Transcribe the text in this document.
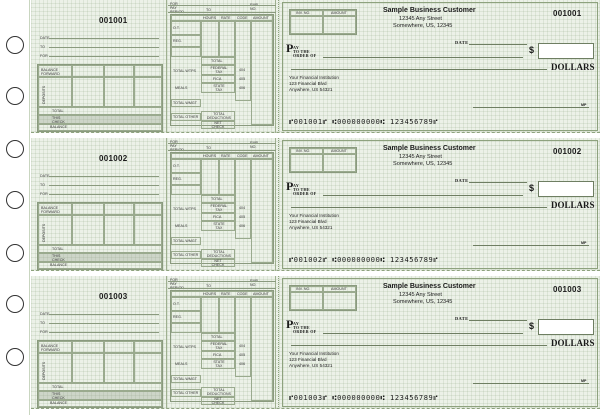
001001
DATE
TO
FOR
BALANCE FORWARD
TOTAL
THIS CHECK
BALANCE
DEPOSITS
FOR
PAY PERIOD	TO
EMP. NO.
HOURS RATE CODE AMOUNT
O.T.
REG.
TOTAL
TOTAL WTPS
FEDERAL TAX	404
FICA	405
MEALS	STATE TAX	406
TOTAL WMGT
TOTAL OTHER
TOTAL DEDUCTIONS
NET CHECK
INV. NO.	AMOUNT	Sample Business Customer
12345 Any Street
Somewhere, US, 12345
001001
DATE
P AY
TO THE
ORDER OF
$
DOLLARS
Your Financial Institution
123 Financial Blvd
Anywhere, US 54321
MP
⑈001001⑈ ⑆000000000⑆ 123456789⑈
001002
DATE
TO
FOR
BALANCE FORWARD
TOTAL
THIS CHECK
BALANCE
DEPOSITS
FOR
PAY PERIOD	TO
EMP. NO.
HOURS RATE CODE AMOUNT
O.T.
REG.
TOTAL
TOTAL WTPS
FEDERAL TAX	404
FICA	405
MEALS	STATE TAX	406
TOTAL WMGT
TOTAL OTHER
TOTAL DEDUCTIONS
NET CHECK
INV. NO.	AMOUNT	Sample Business Customer
12345 Any Street
Somewhere, US, 12345
001002
DATE
P AY
TO THE
ORDER OF
$
DOLLARS
Your Financial Institution
123 Financial Blvd
Anywhere, US 54321
MP
⑈001002⑈ ⑆000000000⑆ 123456789⑈
001003
DATE
TO
FOR
BALANCE FORWARD
TOTAL
THIS CHECK
BALANCE
DEPOSITS
FOR
PAY PERIOD	TO
EMP. NO.
HOURS RATE CODE AMOUNT
O.T.
REG.
TOTAL
TOTAL WTPS
FEDERAL TAX	404
FICA	405
MEALS	STATE TAX	406
TOTAL WMGT
TOTAL OTHER
TOTAL DEDUCTIONS
NET CHECK
INV. NO.	AMOUNT	Sample Business Customer
12345 Any Street
Somewhere, US, 12345
001003
DATE
P AY
TO THE
ORDER OF
$
DOLLARS
Your Financial Institution
123 Financial Blvd
Anywhere, US 54321
MP
⑈001003⑈ ⑆000000000⑆ 123456789⑈
